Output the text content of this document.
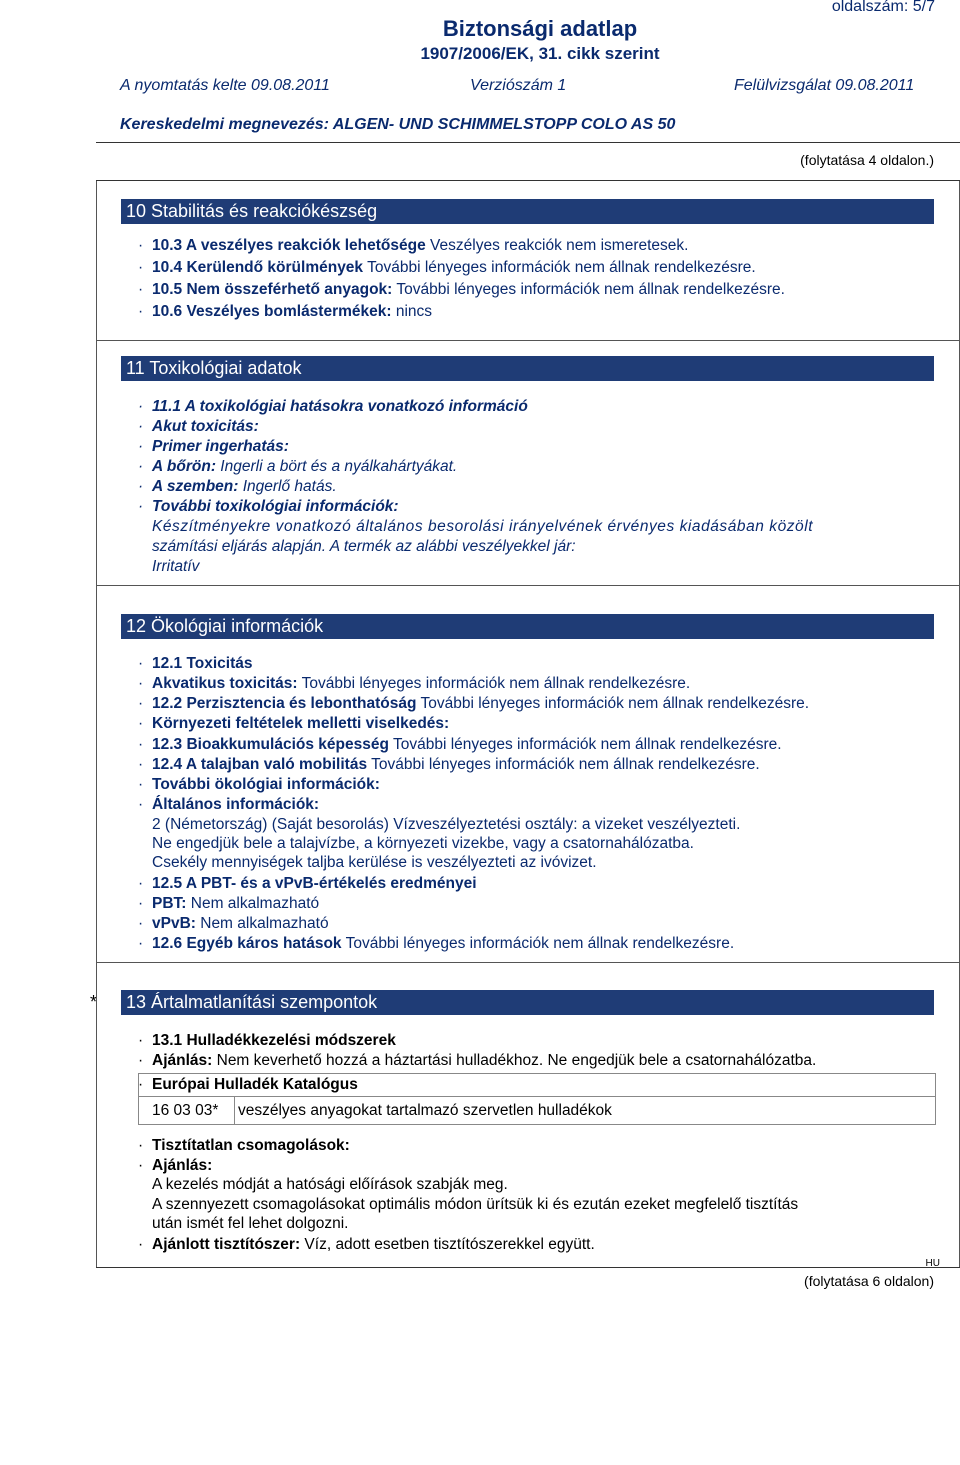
oldalszám: 5/7
Biztonsági adatlap
1907/2006/EK, 31. cikk szerint
A nyomtatás kelte 09.08.2011	Verziószám 1	Felülvizsgálat 09.08.2011
Kereskedelmi megnevezés: ALGEN- UND SCHIMMELSTOPP COLO AS 50
(folytatása 4 oldalon.)
10 Stabilitás és reakciókészség
· 10.3 A veszélyes reakciók lehetősége Veszélyes reakciók nem ismeretesek.
· 10.4 Kerülendő körülmények További lényeges információk nem állnak rendelkezésre.
· 10.5 Nem összeférhető anyagok: További lényeges információk nem állnak rendelkezésre.
· 10.6 Veszélyes bomlástermékek: nincs
11 Toxikológiai adatok
· 11.1 A toxikológiai hatásokra vonatkozó információ
· Akut toxicitás:
· Primer ingerhatás:
· A bőrön: Ingerli a bört és a nyálkahártyákat.
· A szemben: Ingerlő hatás.
· További toxikológiai információk:
Készítményekre vonatkozó általános besorolási irányelvének érvényes kiadásában közölt
számítási eljárás alapján. A termék az alábbi veszélyekkel jár:
Irritatív
12 Ökológiai információk
· 12.1 Toxicitás
· Akvatikus toxicitás: További lényeges információk nem állnak rendelkezésre.
· 12.2 Perzisztencia és lebonthatóság További lényeges információk nem állnak rendelkezésre.
· Környezeti feltételek melletti viselkedés:
· 12.3 Bioakkumulációs képesség További lényeges információk nem állnak rendelkezésre.
· 12.4 A talajban való mobilitás További lényeges információk nem állnak rendelkezésre.
· További ökológiai információk:
· Általános információk:
2 (Németország) (Saját besorolás) Vízveszélyeztetési osztály: a vizeket veszélyezteti.
Ne engedjük bele a talajvízbe, a környezeti vizekbe, vagy a csatornahálózatba.
Csekély mennyiségek taljba kerülése is veszélyezteti az ivóvizet.
· 12.5 A PBT- és a vPvB-értékelés eredményei
· PBT: Nem alkalmazható
· vPvB: Nem alkalmazható
· 12.6 Egyéb káros hatások További lényeges információk nem állnak rendelkezésre.
* 13 Ártalmatlanítási szempontok
· 13.1 Hulladékkezelési módszerek
· Ajánlás: Nem keverhető hozzá a háztartási hulladékhoz. Ne engedjük bele a csatornahálózatba.
· Európai Hulladék Katalógus
16 03 03* veszélyes anyagokat tartalmazó szervetlen hulladékok
· Tisztítatlan csomagolások:
· Ajánlás:
A kezelés módját a hatósági előírások szabják meg.
A szennyezett csomagolásokat optimális módon ürítsük ki és ezután ezeket megfelelő tisztítás
után ismét fel lehet dolgozni.
· Ajánlott tisztítószer: Víz, adott esetben tisztítószerekkel együtt.
HU
(folytatása 6 oldalon)
